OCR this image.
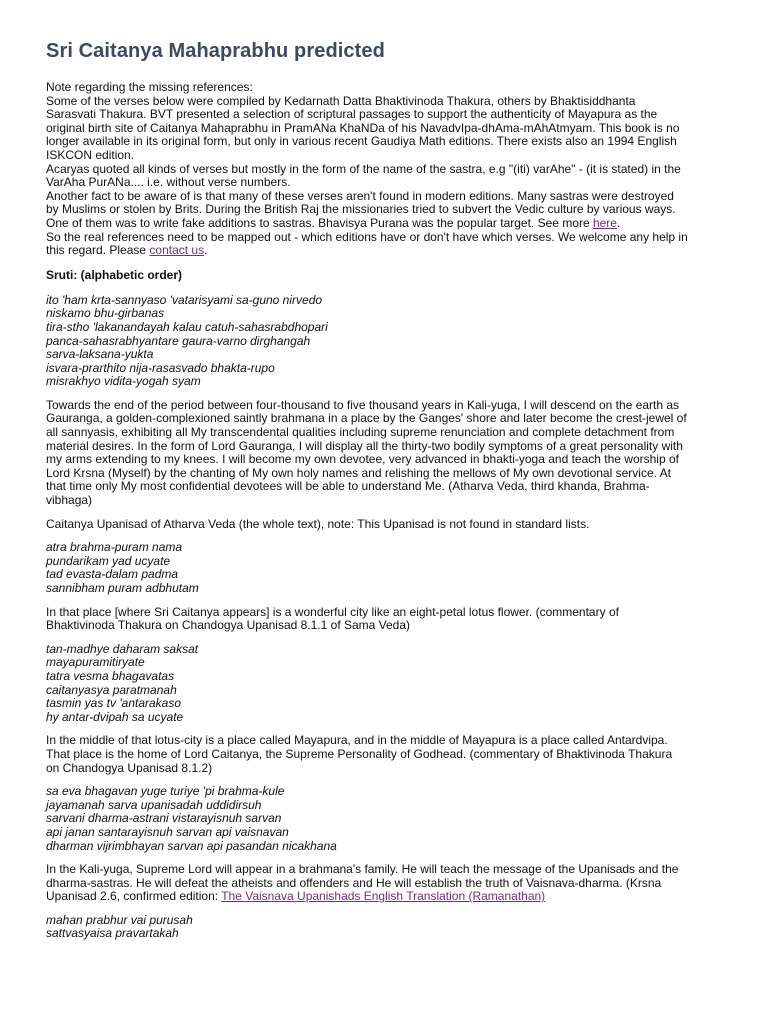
Sri Caitanya Mahaprabhu predicted
Note regarding the missing references:
Some of the verses below were compiled by Kedarnath Datta Bhaktivinoda Thakura, others by Bhaktisiddhanta
Sarasvati Thakura. BVT presented a selection of scriptural passages to support the authenticity of Mayapura as the
original birth site of Caitanya Mahaprabhu in PramANa KhaNDa of his NavadvIpa-dhAma-mAhAtmyam. This book is no
longer available in its original form, but only in various recent Gaudiya Math editions. There exists also an 1994 English
ISKCON edition.
Acaryas quoted all kinds of verses but mostly in the form of the name of the sastra, e.g "(iti) varAhe" - (it is stated) in the
VarAha PurANa.... i.e. without verse numbers.
Another fact to be aware of is that many of these verses aren't found in modern editions. Many sastras were destroyed
by Muslims or stolen by Brits. During the British Raj the missionaries tried to subvert the Vedic culture by various ways.
One of them was to write fake additions to sastras. Bhavisya Purana was the popular target. See more here.
So the real references need to be mapped out - which editions have or don't have which verses. We welcome any help in
this regard. Please contact us.
Sruti: (alphabetic order)
ito 'ham krta-sannyaso 'vatarisyami sa-guno nirvedo
niskamo bhu-girbanas
tira-stho 'lakanandayah kalau catuh-sahasrabdhopari
panca-sahasrabhyantare gaura-varno dirghangah
sarva-laksana-yukta
isvara-prarthito nija-rasasvado bhakta-rupo
misrakhyo vidita-yogah syam
Towards the end of the period between four-thousand to five thousand years in Kali-yuga, I will descend on the earth as
Gauranga, a golden-complexioned saintly brahmana in a place by the Ganges' shore and later become the crest-jewel of
all sannyasis, exhibiting all My transcendental qualities including supreme renunciation and complete detachment from
material desires. In the form of Lord Gauranga, I will display all the thirty-two bodily symptoms of a great personality with
my arms extending to my knees. I will become my own devotee, very advanced in bhakti-yoga and teach the worship of
Lord Krsna (Myself) by the chanting of My own holy names and relishing the mellows of My own devotional service. At
that time only My most confidential devotees will be able to understand Me. (Atharva Veda, third khanda, Brahma-
vibhaga)
Caitanya Upanisad of Atharva Veda (the whole text), note: This Upanisad is not found in standard lists.
atra brahma-puram nama
pundarikam yad ucyate
tad evasta-dalam padma
sannibham puram adbhutam
In that place [where Sri Caitanya appears] is a wonderful city like an eight-petal lotus flower. (commentary of
Bhaktivinoda Thakura on Chandogya Upanisad 8.1.1 of Sama Veda)
tan-madhye daharam saksat
mayapuramitiryate
tatra vesma bhagavatas
caitanyasya paratmanah
tasmin yas tv 'antarakaso
hy antar-dvipah sa ucyate
In the middle of that lotus-city is a place called Mayapura, and in the middle of Mayapura is a place called Antardvipa.
That place is the home of Lord Caitanya, the Supreme Personality of Godhead. (commentary of Bhaktivinoda Thakura
on Chandogya Upanisad 8.1.2)
sa eva bhagavan yuge turiye 'pi brahma-kule
jayamanah sarva upanisadah uddidirsuh
sarvani dharma-astrani vistarayisnuh sarvan
api janan santarayisnuh sarvan api vaisnavan
dharman vijrimbhayan sarvan api pasandan nicakhana
In the Kali-yuga, Supreme Lord will appear in a brahmana's family. He will teach the message of the Upanisads and the
dharma-sastras. He will defeat the atheists and offenders and He will establish the truth of Vaisnava-dharma. (Krsna
Upanisad 2.6, confirmed edition: The Vaisnava Upanishads English Translation (Ramanathan)
mahan prabhur vai purusah
sattvasyaisa pravartakah
